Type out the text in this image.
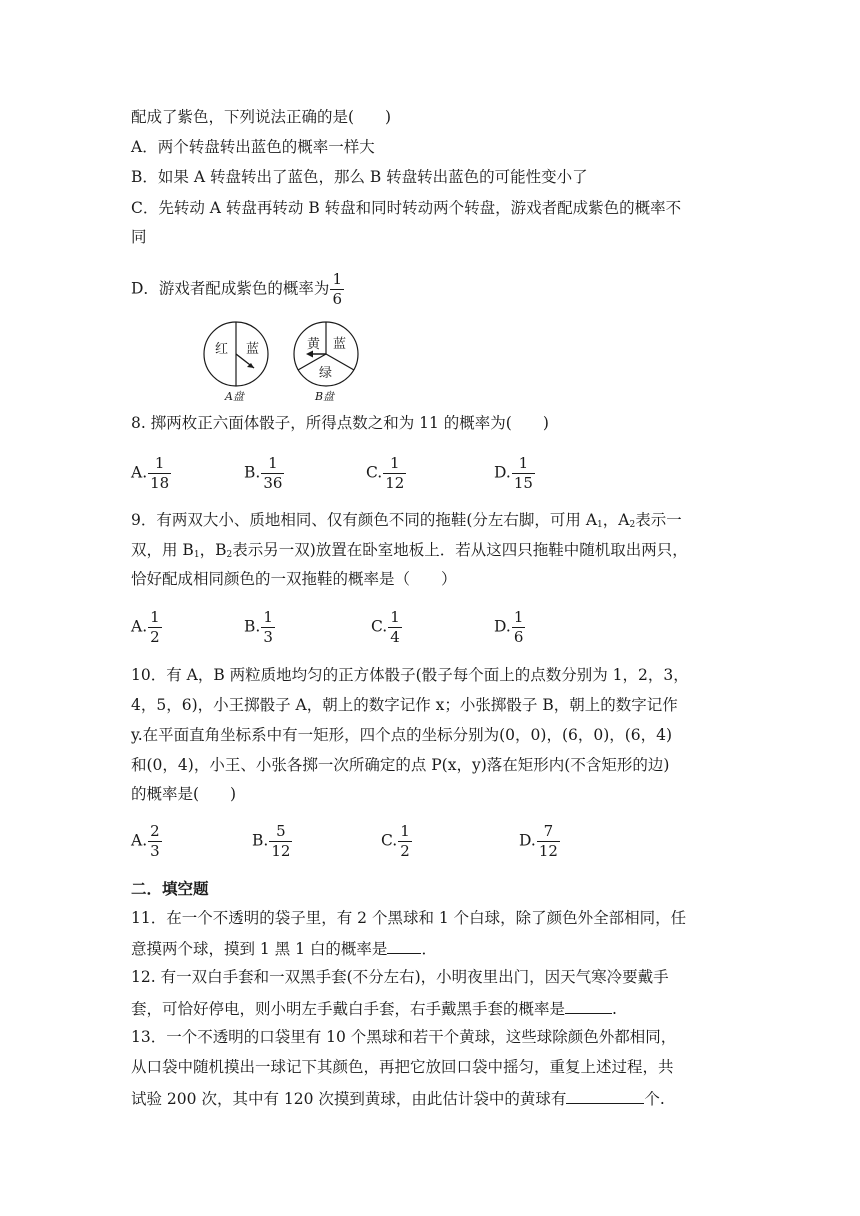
配成了紫色，下列说法正确的是(　　)
A．两个转盘转出蓝色的概率一样大
B．如果 A 转盘转出了蓝色，那么 B 转盘转出蓝色的可能性变小了
C．先转动 A 转盘再转动 B 转盘和同时转动两个转盘，游戏者配成紫色的概率不
同
D．游戏者配成紫色的概率为 $\frac{1}{6}$
红 蓝
A盘
黄 蓝
绿
B盘
8. 掷两枚正六面体骰子，所得点数之和为 11 的概率为(　　)
A. $\frac{1}{18}$	B. $\frac{1}{36}$	C. $\frac{1}{12}$	D. $\frac{1}{15}$
9．有两双大小、质地相同、仅有颜色不同的拖鞋(分左右脚，可用 $A_1$，$A_2$表示一
双，用 $B_1$，$B_2$表示另一双)放置在卧室地板上．若从这四只拖鞋中随机取出两只，
恰好配成相同颜色的一双拖鞋的概率是（　　）
A. $\frac{1}{2}$	B. $\frac{1}{3}$	C. $\frac{1}{4}$	D. $\frac{1}{6}$
10．有 A，B 两粒质地均匀的正方体骰子(骰子每个面上的点数分别为 1，2，3，
4，5，6)，小王掷骰子 A，朝上的数字记作 x；小张掷骰子 B，朝上的数字记作
y.在平面直角坐标系中有一矩形，四个点的坐标分别为(0，0)，(6，0)，(6，4)
和(0，4)，小王、小张各掷一次所确定的点 P(x，y)落在矩形内(不含矩形的边)
的概率是(　　)
A. $\frac{2}{3}$	B. $\frac{5}{12}$	C. $\frac{1}{2}$	D. $\frac{7}{12}$
二．填空题
11．在一个不透明的袋子里，有 2 个黑球和 1 个白球，除了颜色外全部相同，任
意摸两个球，摸到 1 黑 1 白的概率是 ．
12. 有一双白手套和一双黑手套(不分左右)，小明夜里出门，因天气寒冷要戴手
套，可恰好停电，则小明左手戴白手套，右手戴黑手套的概率是	.
13．一个不透明的口袋里有 10 个黑球和若干个黄球，这些球除颜色外都相同，
从口袋中随机摸出一球记下其颜色，再把它放回口袋中摇匀，重复上述过程，共
试验 200 次，其中有 120 次摸到黄球，由此估计袋中的黄球有	个.
